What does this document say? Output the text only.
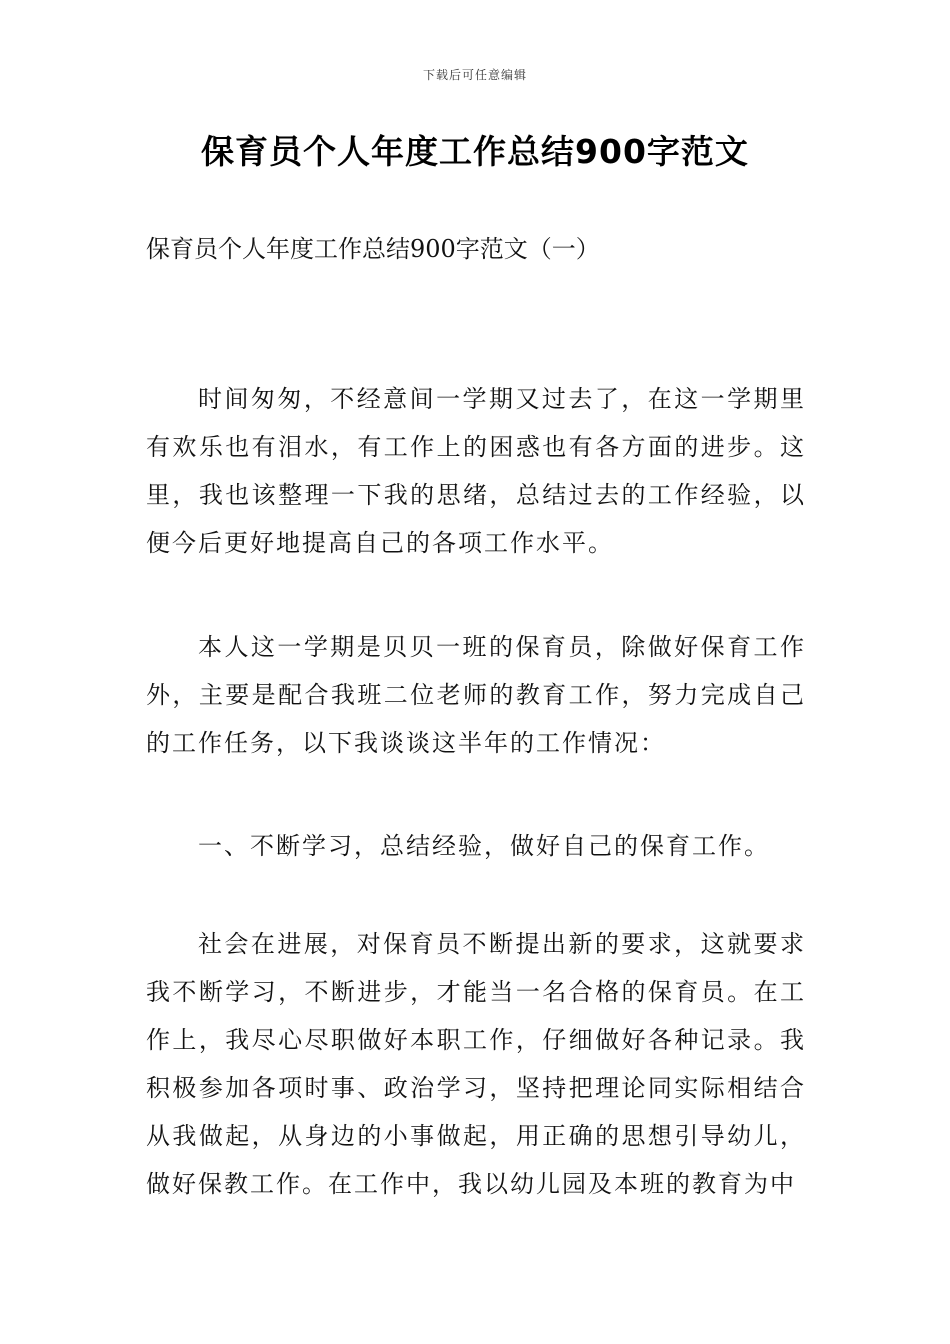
下载后可任意编辑
保育员个人年度工作总结900字范文
保育员个人年度工作总结900字范文（一）

时间匆匆，不经意间一学期又过去了，在这一学期里有欢乐也有泪水，有工作上的困惑也有各方面的进步。这里，我也该整理一下我的思绪，总结过去的工作经验，以便今后更好地提高自己的各项工作水平。

本人这一学期是贝贝一班的保育员，除做好保育工作外，主要是配合我班二位老师的教育工作，努力完成自己的工作任务，以下我谈谈这半年的工作情况：

一、不断学习，总结经验，做好自己的保育工作。

社会在进展，对保育员不断提出新的要求，这就要求我不断学习，不断进步，才能当一名合格的保育员。在工作上，我尽心尽职做好本职工作，仔细做好各种记录。我积极参加各项时事、政治学习，坚持把理论同实际相结合从我做起，从身边的小事做起，用正确的思想引导幼儿，做好保教工作。在工作中，我以幼儿园及本班的教育为中
